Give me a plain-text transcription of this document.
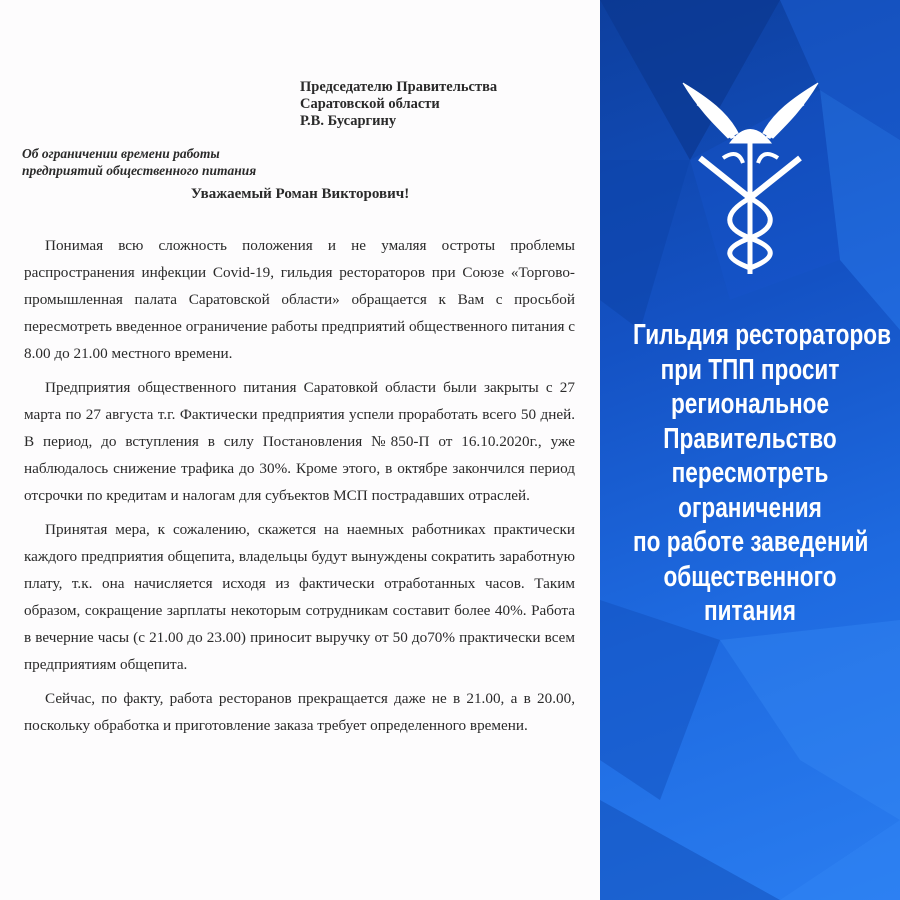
Председателю Правительства
Саратовской области
Р.В. Бусаргину
Об ограничении времени работы
предприятий общественного питания
Уважаемый Роман Викторович!

Понимая всю сложность положения и не умаляя остроты проблемы распространения инфекции Covid-19, гильдия рестораторов при Союзе «Торгово-промышленная палата Саратовской области» обращается к Вам с просьбой пересмотреть введенное ограничение работы предприятий общественного питания с 8.00 до 21.00 местного времени.

Предприятия общественного питания Саратовкой области были закрыты с 27 марта по 27 августа т.г. Фактически предприятия успели проработать всего 50 дней. В период, до вступления в силу Постановления №850-П от 16.10.2020г., уже наблюдалось снижение трафика до 30%. Кроме этого, в октябре закончился период отсрочки по кредитам и налогам для субъектов МСП пострадавших отраслей.

Принятая мера, к сожалению, скажется на наемных работниках практически каждого предприятия общепита, владельцы будут вынуждены сократить заработную плату, т.к. она начисляется исходя из фактически отработанных часов. Таким образом, сокращение зарплаты некоторым сотрудникам составит более 40%. Работа в вечерние часы (с 21.00 до 23.00) приносит выручку от 50 до70% практически всем предприятиям общепита.

Сейчас, по факту, работа ресторанов прекращается даже не в 21.00, а в 20.00, поскольку обработка и приготовление заказа требует определенного времени.

Гильдия рестораторов
при ТПП просит
региональное
Правительство
пересмотреть
ограничения
по работе заведений
общественного
питания
